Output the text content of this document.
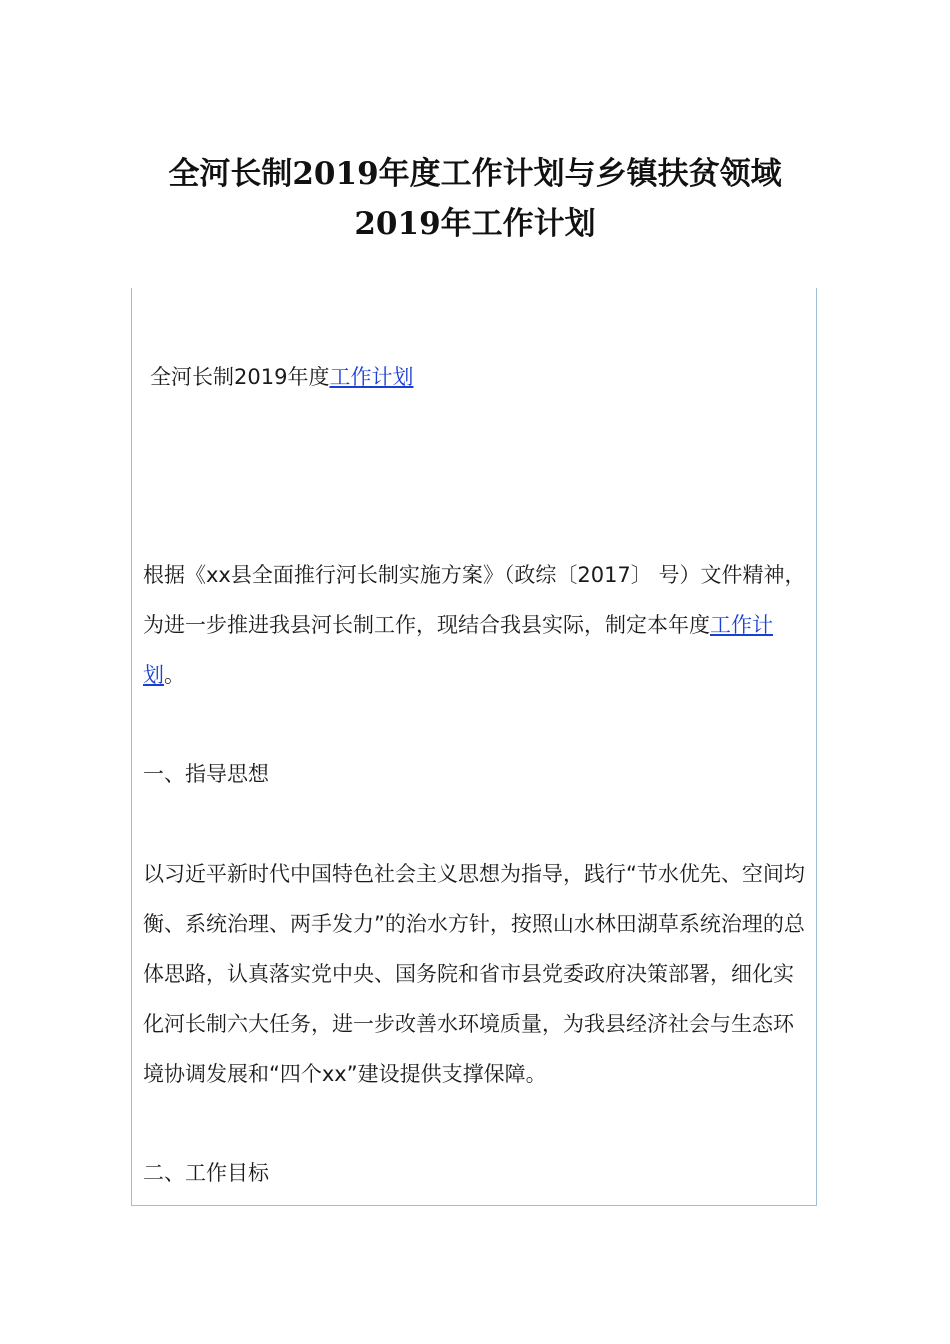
全河长制2019年度工作计划与乡镇扶贫领域
2019年工作计划

全河长制2019年度工作计划

根据《xx县全面推行河长制实施方案》（政综〔2017〕 号）文件精神，为进一步推进我县河长制工作，现结合我县实际，制定本年度工作计划。

一、指导思想

以习近平新时代中国特色社会主义思想为指导，践行“节水优先、空间均衡、系统治理、两手发力”的治水方针，按照山水林田湖草系统治理的总体思路，认真落实党中央、国务院和省市县党委政府决策部署，细化实化河长制六大任务，进一步改善水环境质量，为我县经济社会与生态环境协调发展和“四个xx”建设提供支撑保障。

二、工作目标
